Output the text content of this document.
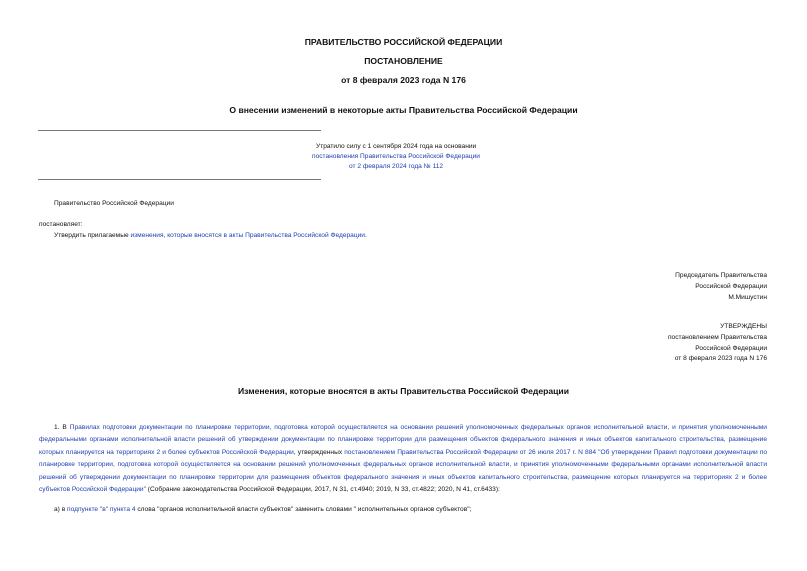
ПРАВИТЕЛЬСТВО РОССИЙСКОЙ ФЕДЕРАЦИИ
ПОСТАНОВЛЕНИЕ
от 8 февраля 2023 года N 176
О внесении изменений в некоторые акты Правительства Российской Федерации
Утратило силу с 1 сентября 2024 года на основании
постановления Правительства Российской Федерации
от 2 февраля 2024 года № 112
Правительство Российской Федерации
постановляет:
Утвердить прилагаемые изменения, которые вносятся в акты Правительства Российской Федерации.
Председатель Правительства
Российской Федерации
М.Мишустин
УТВЕРЖДЕНЫ
постановлением Правительства
Российской Федерации
от 8 февраля 2023 года N 176
Изменения, которые вносятся в акты Правительства Российской Федерации
1. В Правилах подготовки документации по планировке территории, подготовка которой осуществляется на основании решений уполномоченных федеральных органов исполнительной власти, и принятия уполномоченными федеральными органами исполнительной власти решений об утверждении документации по планировке территории для размещения объектов федерального значения и иных объектов капитального строительства, размещение которых планируется на территориях 2 и более субъектов Российской Федерации, утвержденных постановлением Правительства Российской Федерации от 26 июля 2017 г. N 884 "Об утверждении Правил подготовки документации по планировке территории, подготовка которой осуществляется на основании решений уполномоченных федеральных органов исполнительной власти, и принятия уполномоченными федеральными органами исполнительной власти решений об утверждении документации по планировке территории для размещения объектов федерального значения и иных объектов капитального строительства, размещение которых планируется на территориях 2 и более субъектов Российской Федерации" (Собрание законодательства Российской Федерации, 2017, N 31, ст.4940; 2019, N 33, ст.4822; 2020, N 41, ст.6433):
а) в подпункте "в" пункта 4 слова "органов исполнительной власти субъектов" заменить словами " исполнительных органов субъектов";
